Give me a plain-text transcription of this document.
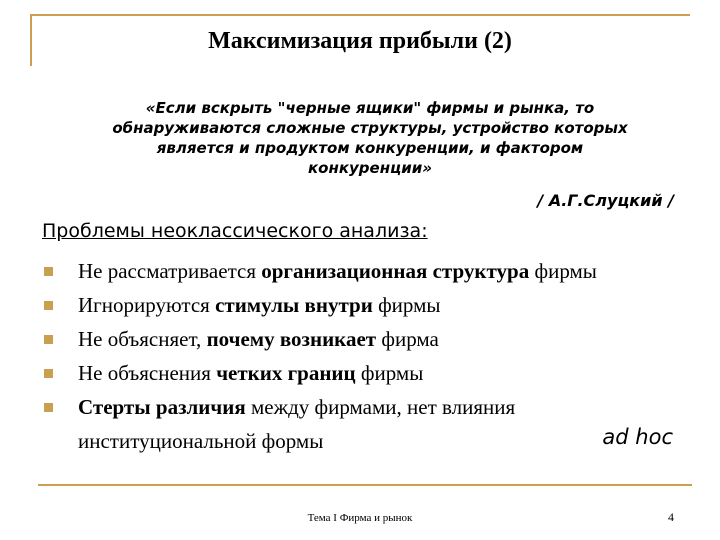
Максимизация прибыли (2)
«Если вскрыть "черные ящики" фирмы и рынка, то
обнаруживаются сложные структуры, устройство которых
является и продуктом конкуренции, и фактором
конкуренции»
/ А.Г.Слуцкий /
Проблемы неоклассического анализа:
Не рассматривается организационная структура фирмы
Игнорируются стимулы внутри фирмы
Не объясняет, почему возникает фирма
Не объяснения четких границ фирмы
Стерты различия между фирмами, нет влияния
институциональной формы	ad hoc
Тема I Фирма и рынок	4
